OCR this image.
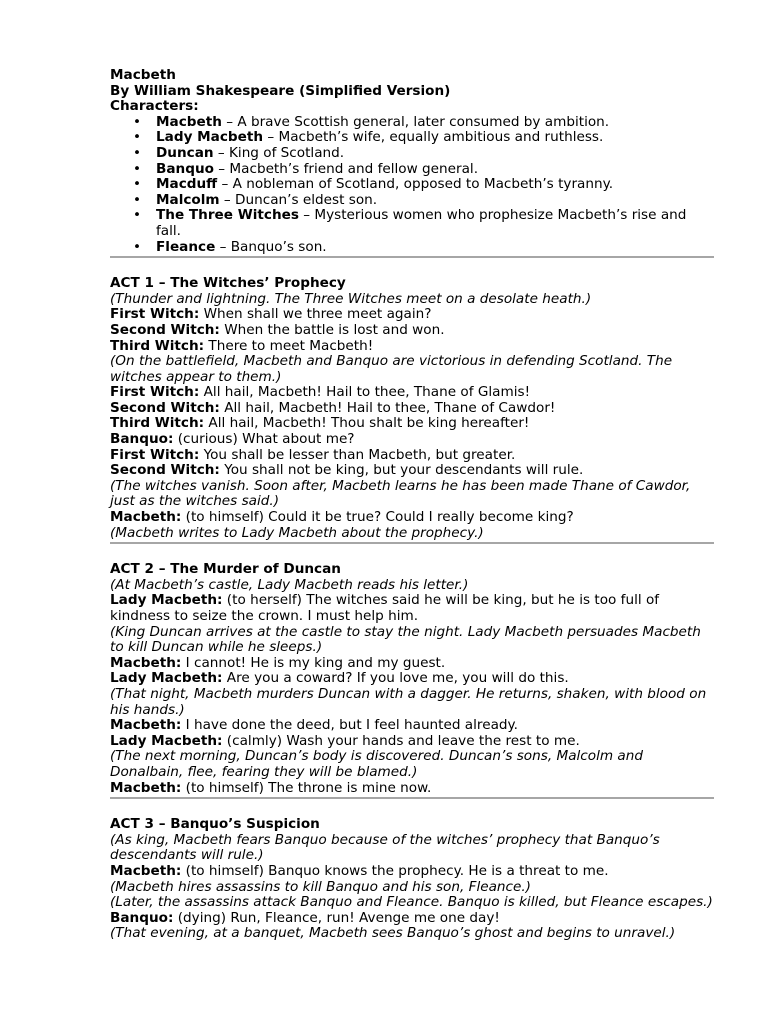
Macbeth
By William Shakespeare (Simplified Version)
Characters:
• Macbeth – A brave Scottish general, later consumed by ambition.
• Lady Macbeth – Macbeth’s wife, equally ambitious and ruthless.
• Duncan – King of Scotland.
• Banquo – Macbeth’s friend and fellow general.
• Macduff – A nobleman of Scotland, opposed to Macbeth’s tyranny.
• Malcolm – Duncan’s eldest son.
• The Three Witches – Mysterious women who prophesize Macbeth’s rise and fall.
• Fleance – Banquo’s son.
ACT 1 – The Witches’ Prophecy
(Thunder and lightning. The Three Witches meet on a desolate heath.)
First Witch: When shall we three meet again?
Second Witch: When the battle is lost and won.
Third Witch: There to meet Macbeth!
(On the battlefield, Macbeth and Banquo are victorious in defending Scotland. The witches appear to them.)
First Witch: All hail, Macbeth! Hail to thee, Thane of Glamis!
Second Witch: All hail, Macbeth! Hail to thee, Thane of Cawdor!
Third Witch: All hail, Macbeth! Thou shalt be king hereafter!
Banquo: (curious) What about me?
First Witch: You shall be lesser than Macbeth, but greater.
Second Witch: You shall not be king, but your descendants will rule.
(The witches vanish. Soon after, Macbeth learns he has been made Thane of Cawdor, just as the witches said.)
Macbeth: (to himself) Could it be true? Could I really become king?
(Macbeth writes to Lady Macbeth about the prophecy.)
ACT 2 – The Murder of Duncan
(At Macbeth’s castle, Lady Macbeth reads his letter.)
Lady Macbeth: (to herself) The witches said he will be king, but he is too full of kindness to seize the crown. I must help him.
(King Duncan arrives at the castle to stay the night. Lady Macbeth persuades Macbeth to kill Duncan while he sleeps.)
Macbeth: I cannot! He is my king and my guest.
Lady Macbeth: Are you a coward? If you love me, you will do this.
(That night, Macbeth murders Duncan with a dagger. He returns, shaken, with blood on his hands.)
Macbeth: I have done the deed, but I feel haunted already.
Lady Macbeth: (calmly) Wash your hands and leave the rest to me.
(The next morning, Duncan’s body is discovered. Duncan’s sons, Malcolm and Donalbain, flee, fearing they will be blamed.)
Macbeth: (to himself) The throne is mine now.
ACT 3 – Banquo’s Suspicion
(As king, Macbeth fears Banquo because of the witches’ prophecy that Banquo’s descendants will rule.)
Macbeth: (to himself) Banquo knows the prophecy. He is a threat to me.
(Macbeth hires assassins to kill Banquo and his son, Fleance.)
(Later, the assassins attack Banquo and Fleance. Banquo is killed, but Fleance escapes.)
Banquo: (dying) Run, Fleance, run! Avenge me one day!
(That evening, at a banquet, Macbeth sees Banquo’s ghost and begins to unravel.)
